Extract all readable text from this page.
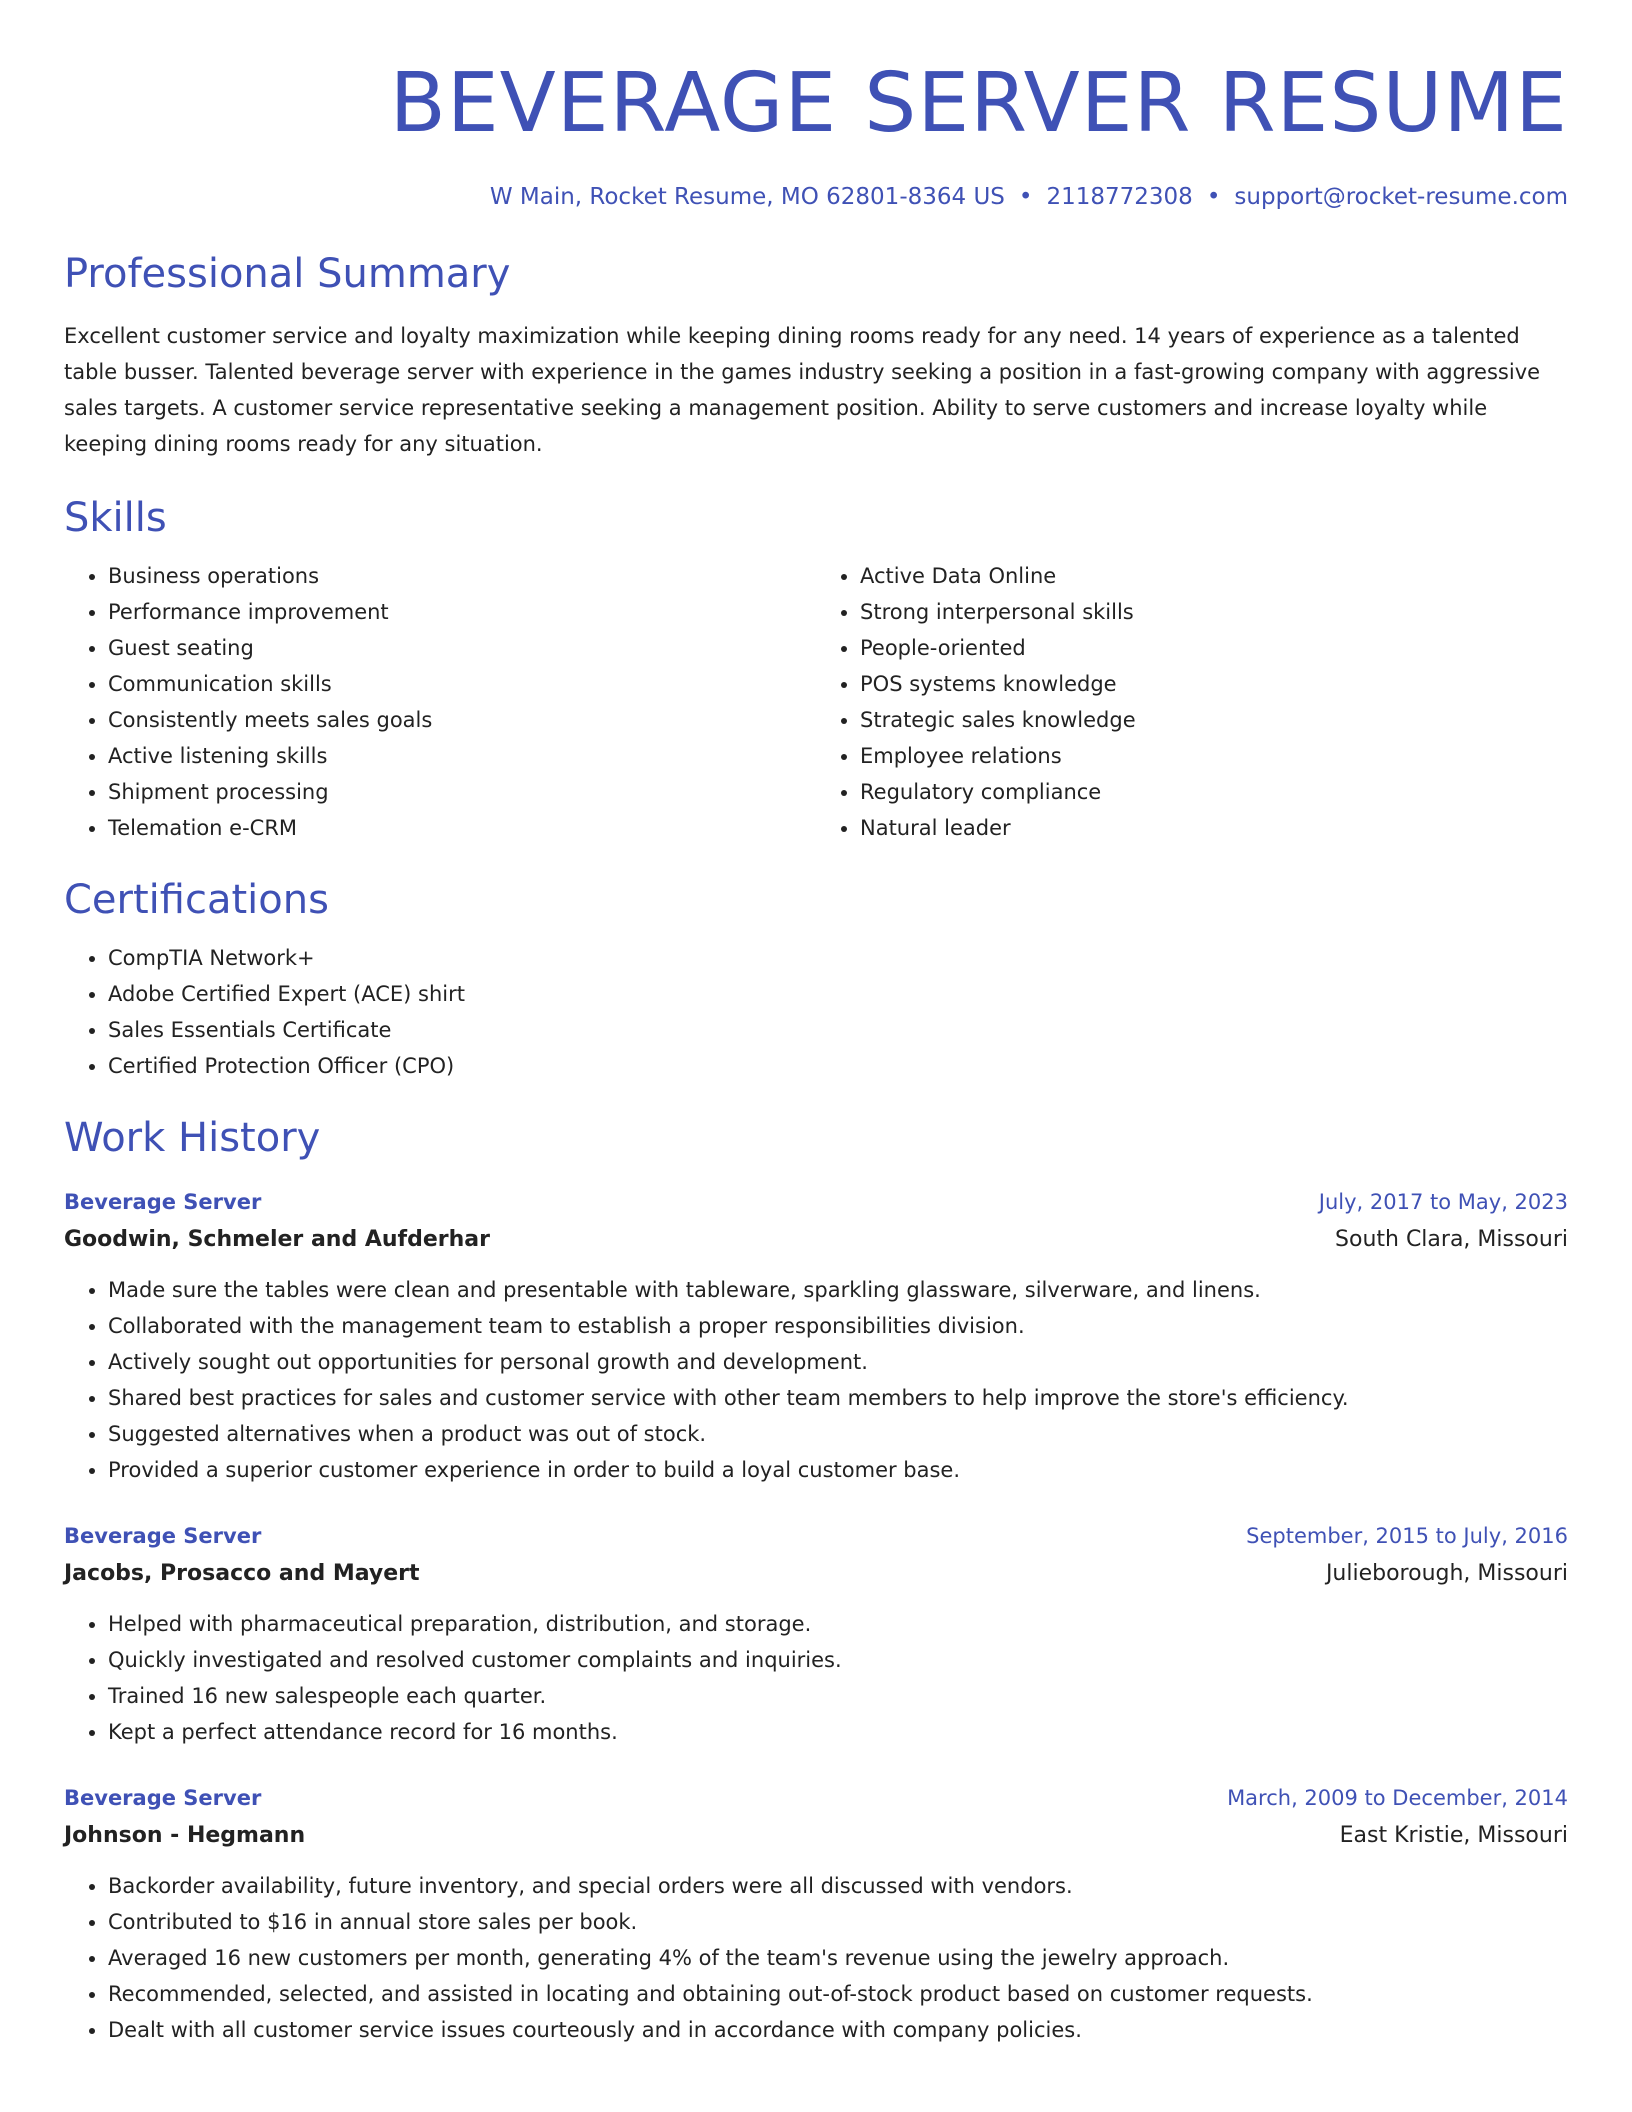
BEVERAGE SERVER RESUME
W Main, Rocket Resume, MO 62801-8364 US • 2118772308 • support@rocket-resume.com
Professional Summary

Excellent customer service and loyalty maximization while keeping dining rooms ready for any need. 14 years of experience as a talented table busser. Talented beverage server with experience in the games industry seeking a position in a fast-growing company with aggressive sales targets. A customer service representative seeking a management position. Ability to serve customers and increase loyalty while keeping dining rooms ready for any situation.

Skills
• Business operations
• Performance improvement
• Guest seating
• Communication skills
• Consistently meets sales goals
• Active listening skills
• Shipment processing
• Telemation e-CRM
• Active Data Online
• Strong interpersonal skills
• People-oriented
• POS systems knowledge
• Strategic sales knowledge
• Employee relations
• Regulatory compliance
• Natural leader
Certifications
• CompTIA Network+
• Adobe Certified Expert (ACE) shirt
• Sales Essentials Certificate
• Certified Protection Officer (CPO)
Work History
Beverage Server	July, 2017 to May, 2023
Goodwin, Schmeler and Aufderhar	South Clara, Missouri
• Made sure the tables were clean and presentable with tableware, sparkling glassware, silverware, and linens.
• Collaborated with the management team to establish a proper responsibilities division.
• Actively sought out opportunities for personal growth and development.
• Shared best practices for sales and customer service with other team members to help improve the store's efficiency.
• Suggested alternatives when a product was out of stock.
• Provided a superior customer experience in order to build a loyal customer base.
Beverage Server	September, 2015 to July, 2016
Jacobs, Prosacco and Mayert	Julieborough, Missouri
• Helped with pharmaceutical preparation, distribution, and storage.
• Quickly investigated and resolved customer complaints and inquiries.
• Trained 16 new salespeople each quarter.
• Kept a perfect attendance record for 16 months.
Beverage Server	March, 2009 to December, 2014
Johnson - Hegmann	East Kristie, Missouri
• Backorder availability, future inventory, and special orders were all discussed with vendors.
• Contributed to $16 in annual store sales per book.
• Averaged 16 new customers per month, generating 4% of the team's revenue using the jewelry approach.
• Recommended, selected, and assisted in locating and obtaining out-of-stock product based on customer requests.
• Dealt with all customer service issues courteously and in accordance with company policies.
